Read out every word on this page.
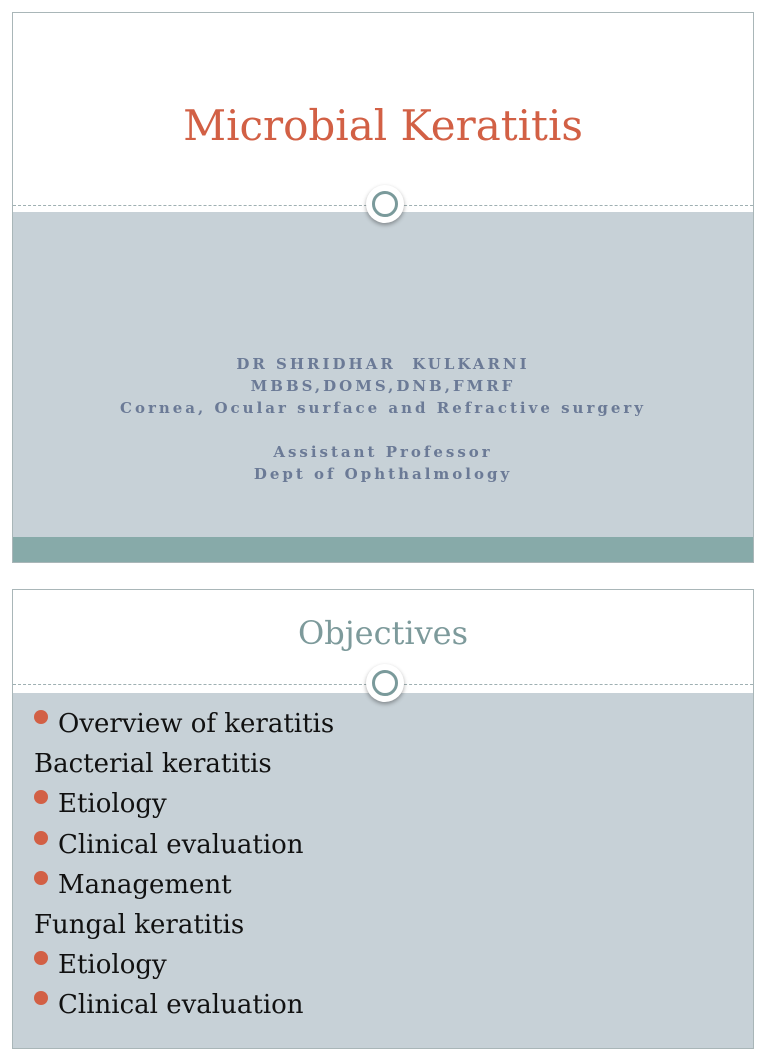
Microbial Keratitis
DR SHRIDHAR  KULKARNI
MBBS,DOMS,DNB,FMRF
Cornea, Ocular surface and Refractive surgery
Assistant Professor
Dept of Ophthalmology
Objectives
Overview of keratitis
Bacterial keratitis
Etiology
Clinical evaluation
Management
Fungal keratitis
Etiology
Clinical evaluation
